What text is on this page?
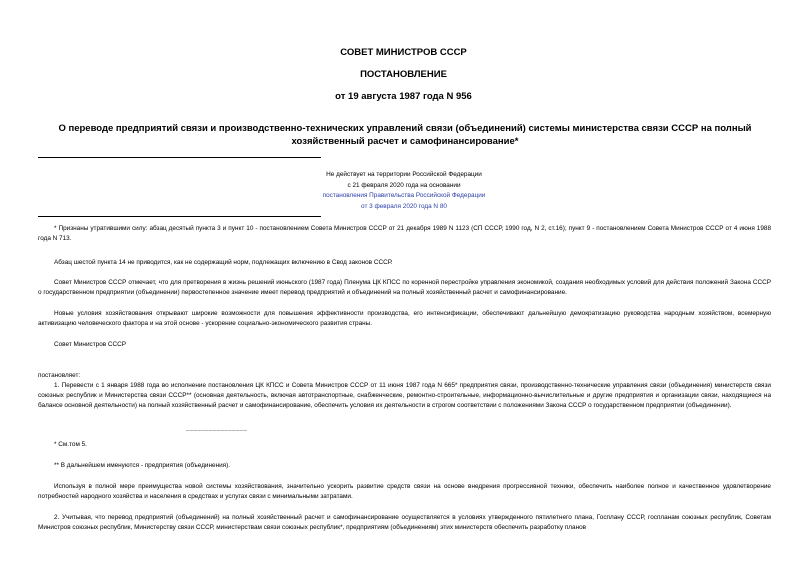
СОВЕТ МИНИСТРОВ СССР
ПОСТАНОВЛЕНИЕ
от 19 августа 1987 года N 956
О переводе предприятий связи и производственно-технических управлений связи (объединений) системы министерства связи СССР на полный хозяйственный расчет и самофинансирование*
Не действует на территории Российской Федерации
с 21 февраля 2020 года на основании
постановления Правительства Российской Федерации
от 3 февраля 2020 года N 80
________________
* Признаны утратившими силу: абзац десятый пункта 3 и пункт 10 - постановлением Совета Министров СССР от 21 декабря 1989 N 1123 (СП СССР, 1990 год, N 2, ст.16); пункт 9 - постановлением Совета Министров СССР от 4 июня 1988 года N 713.
Абзац шестой пункта 14 не приводится, как не содержащий норм, подлежащих включению в Свод законов СССР.
Совет Министров СССР отмечает, что для претворения в жизнь решений июньского (1987 года) Пленума ЦК КПСС по коренной перестройке управления экономикой, создания необходимых условий для действия положений Закона СССР о государственном предприятии (объединении) первостепенное значение имеет перевод предприятий и объединений на полный хозяйственный расчет и самофинансирование.
Новые условия хозяйствования открывают широкие возможности для повышения эффективности производства, его интенсификации, обеспечивают дальнейшую демократизацию руководства народным хозяйством, всемерную активизацию человеческого фактора и на этой основе - ускорение социально-экономического развития страны.
Совет Министров СССР
постановляет:
1. Перевести с 1 января 1988 года во исполнение постановления ЦК КПСС и Совета Министров СССР от 11 июня 1987 года N 665* предприятия связи, производственно-технические управления связи (объединения) министерств связи союзных республик и Министерства связи СССР** (основная деятельность, включая автотранспортные, снабженческие, ремонтно-строительные, информационно-вычислительные и другие предприятия и организации связи, находящиеся на балансе основной деятельности) на полный хозяйственный расчет и самофинансирование, обеспечить условия их деятельности в строгом соответствии с положениями Закона СССР о государственном предприятии (объединении).
________________
* См.том 5.
** В дальнейшем именуются - предприятия (объединения).
Используя в полной мере преимущества новой системы хозяйствования, значительно ускорить развитие средств связи на основе внедрения прогрессивной техники, обеспечить наиболее полное и качественное удовлетворение потребностей народного хозяйства и населения в средствах и услугах связи с минимальными затратами.
2. Учитывая, что перевод предприятий (объединений) на полный хозяйственный расчет и самофинансирование осуществляется в условиях утвержденного пятилетнего плана, Госплану СССР, госпланам союзных республик, Советам Министров союзных республик, Министерству связи СССР, министерствам связи союзных республик*, предприятиям (объединениям) этих министерств обеспечить разработку планов
